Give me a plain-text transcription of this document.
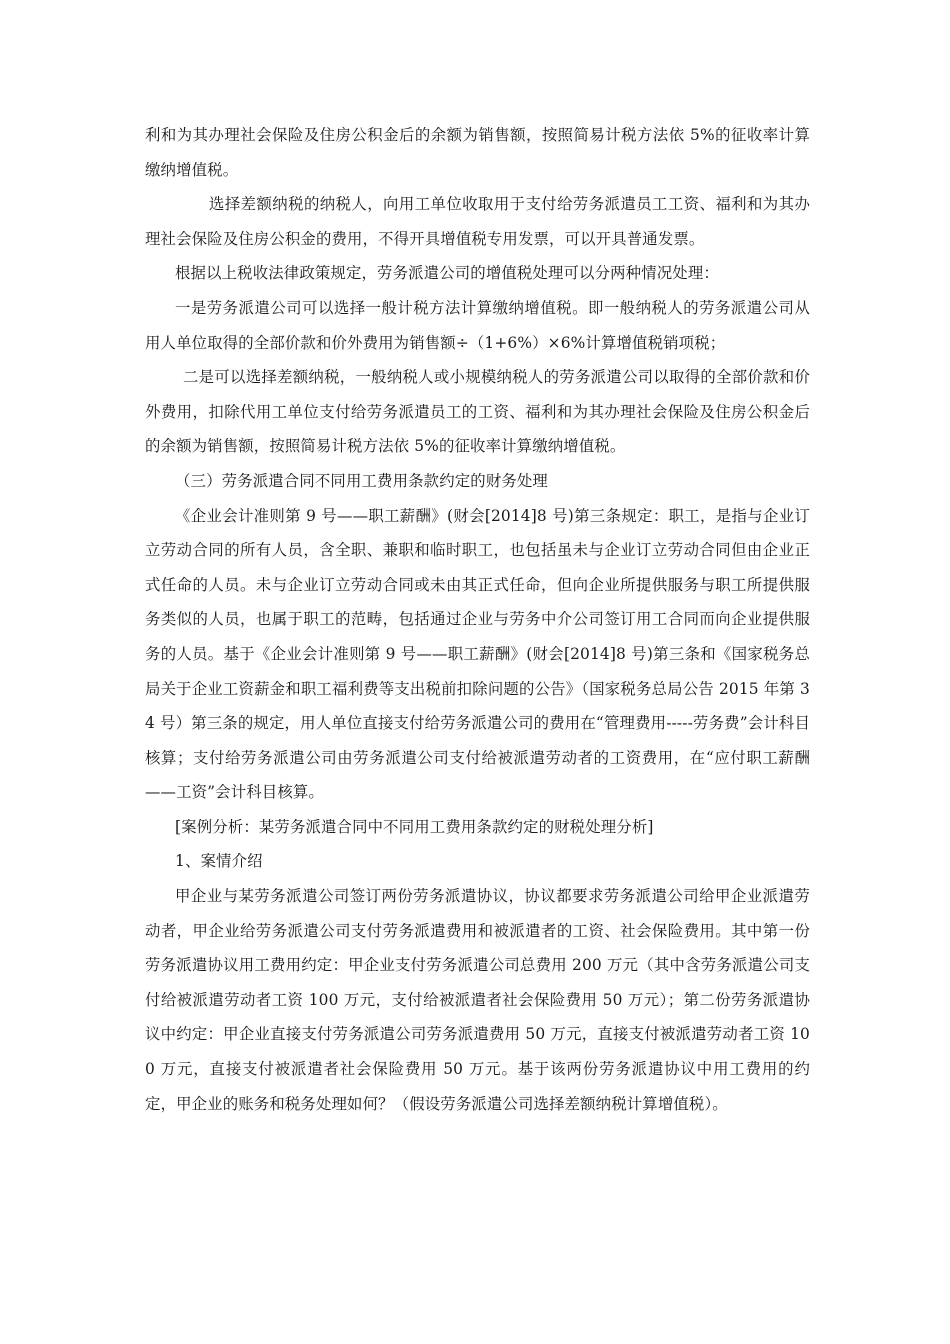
利和为其办理社会保险及住房公积金后的余额为销售额，按照简易计税方法依 5%的征收率计算缴纳增值税。

选择差额纳税的纳税人，向用工单位收取用于支付给劳务派遣员工工资、福利和为其办理社会保险及住房公积金的费用，不得开具增值税专用发票，可以开具普通发票。

根据以上税收法律政策规定，劳务派遣公司的增值税处理可以分两种情况处理：

一是劳务派遣公司可以选择一般计税方法计算缴纳增值税。即一般纳税人的劳务派遣公司从用人单位取得的全部价款和价外费用为销售额÷（1+6%）×6%计算增值税销项税；

二是可以选择差额纳税，一般纳税人或小规模纳税人的劳务派遣公司以取得的全部价款和价外费用，扣除代用工单位支付给劳务派遣员工的工资、福利和为其办理社会保险及住房公积金后的余额为销售额，按照简易计税方法依 5%的征收率计算缴纳增值税。

（三）劳务派遣合同不同用工费用条款约定的财务处理

《企业会计准则第 9 号——职工薪酬》(财会[2014]8 号)第三条规定：职工，是指与企业订立劳动合同的所有人员，含全职、兼职和临时职工，也包括虽未与企业订立劳动合同但由企业正式任命的人员。未与企业订立劳动合同或未由其正式任命，但向企业所提供服务与职工所提供服务类似的人员，也属于职工的范畴，包括通过企业与劳务中介公司签订用工合同而向企业提供服务的人员。基于《企业会计准则第 9 号——职工薪酬》(财会[2014]8 号)第三条和《国家税务总局关于企业工资薪金和职工福利费等支出税前扣除问题的公告》（国家税务总局公告 2015 年第 34 号）第三条的规定，用人单位直接支付给劳务派遣公司的费用在“管理费用-----劳务费”会计科目核算；支付给劳务派遣公司由劳务派遣公司支付给被派遣劳动者的工资费用，在“应付职工薪酬——工资”会计科目核算。

[案例分析：某劳务派遣合同中不同用工费用条款约定的财税处理分析]

1、案情介绍

甲企业与某劳务派遣公司签订两份劳务派遣协议，协议都要求劳务派遣公司给甲企业派遣劳动者，甲企业给劳务派遣公司支付劳务派遣费用和被派遣者的工资、社会保险费用。其中第一份劳务派遣协议用工费用约定：甲企业支付劳务派遣公司总费用 200 万元（其中含劳务派遣公司支付给被派遣劳动者工资 100 万元，支付给被派遣者社会保险费用 50 万元）；第二份劳务派遣协议中约定：甲企业直接支付劳务派遣公司劳务派遣费用 50 万元，直接支付被派遣劳动者工资 100 万元，直接支付被派遣者社会保险费用 50 万元。基于该两份劳务派遣协议中用工费用的约定，甲企业的账务和税务处理如何？（假设劳务派遣公司选择差额纳税计算增值税）。
